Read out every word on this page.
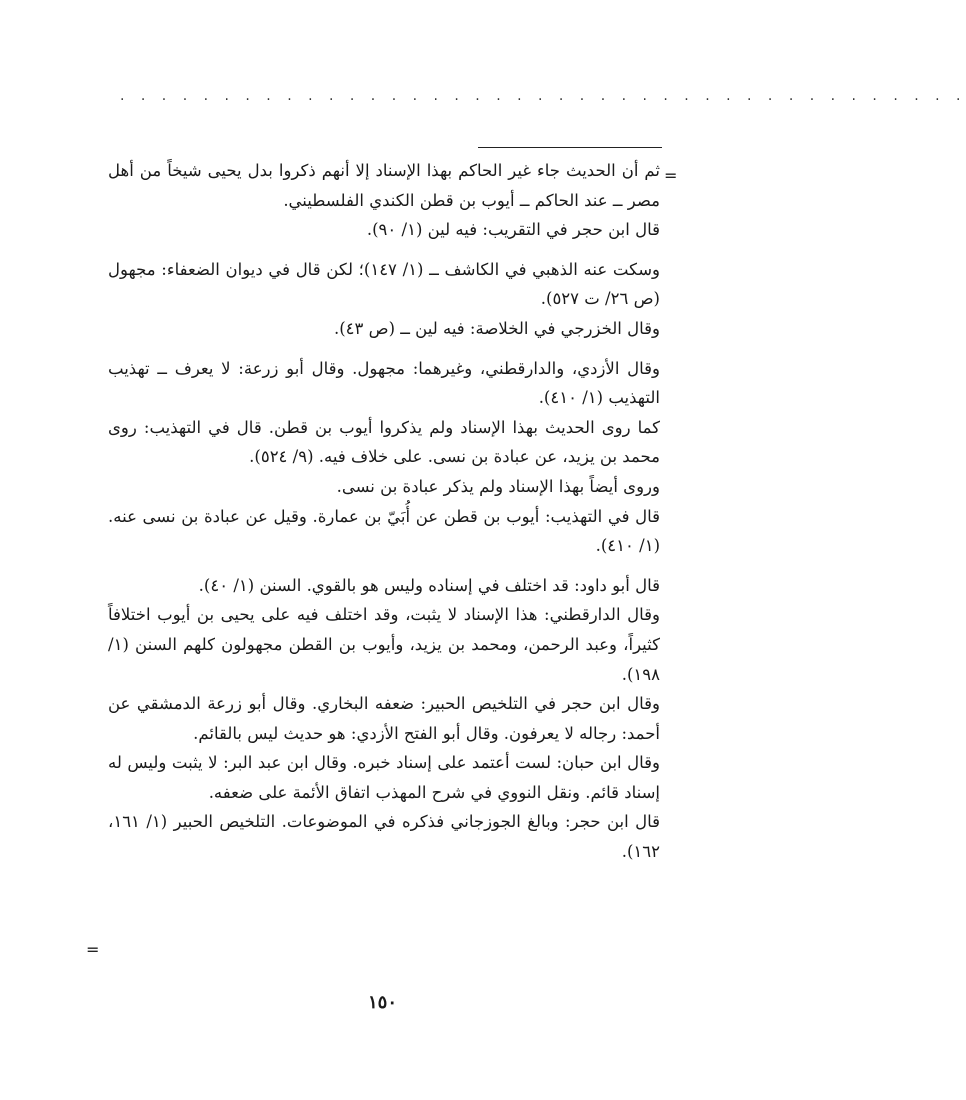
. . . . . . . . . . . . . . . . . . . . . . . . . . . . . . . . . . . . . . . . .
=

ثم أن الحديث جاء غير الحاكم بهذا الإسناد إلا أنهم ذكروا بدل يحيى شيخاً من أهل مصر ــ عند الحاكم ــ أيوب بن قطن الكندي الفلسطيني.

قال ابن حجر في التقريب: فيه لين (١/ ٩٠).

وسكت عنه الذهبي في الكاشف ــ (١/ ١٤٧)؛ لكن قال في ديوان الضعفاء: مجهول (ص ٢٦/ ت ٥٢٧).

وقال الخزرجي في الخلاصة: فيه لين ــ (ص ٤٣).

وقال الأزدي، والدارقطني، وغيرهما: مجهول. وقال أبو زرعة: لا يعرف ــ تهذيب التهذيب (١/ ٤١٠).

كما روى الحديث بهذا الإسناد ولم يذكروا أيوب بن قطن. قال في التهذيب: روى محمد بن يزيد، عن عبادة بن نسى. على خلاف فيه. (٩/ ٥٢٤).

وروى أيضاً بهذا الإسناد ولم يذكر عبادة بن نسى.

قال في التهذيب: أيوب بن قطن عن أُبَيّ بن عمارة. وقيل عن عبادة بن نسى عنه. (١/ ٤١٠).

قال أبو داود: قد اختلف في إسناده وليس هو بالقوي. السنن (١/ ٤٠).

وقال الدارقطني: هذا الإسناد لا يثبت، وقد اختلف فيه على يحيى بن أيوب اختلافاً كثيراً، وعبد الرحمن، ومحمد بن يزيد، وأيوب بن القطن مجهولون كلهم السنن (١/ ١٩٨).

وقال ابن حجر في التلخيص الحبير: ضعفه البخاري. وقال أبو زرعة الدمشقي عن أحمد: رجاله لا يعرفون. وقال أبو الفتح الأزدي: هو حديث ليس بالقائم.

وقال ابن حبان: لست أعتمد على إسناد خبره. وقال ابن عبد البر: لا يثبت وليس له إسناد قائم. ونقل النووي في شرح المهذب اتفاق الأئمة على ضعفه.

قال ابن حجر: وبالغ الجوزجاني فذكره في الموضوعات. التلخيص الحبير (١/ ١٦١، ١٦٢).

=
١٥٠
